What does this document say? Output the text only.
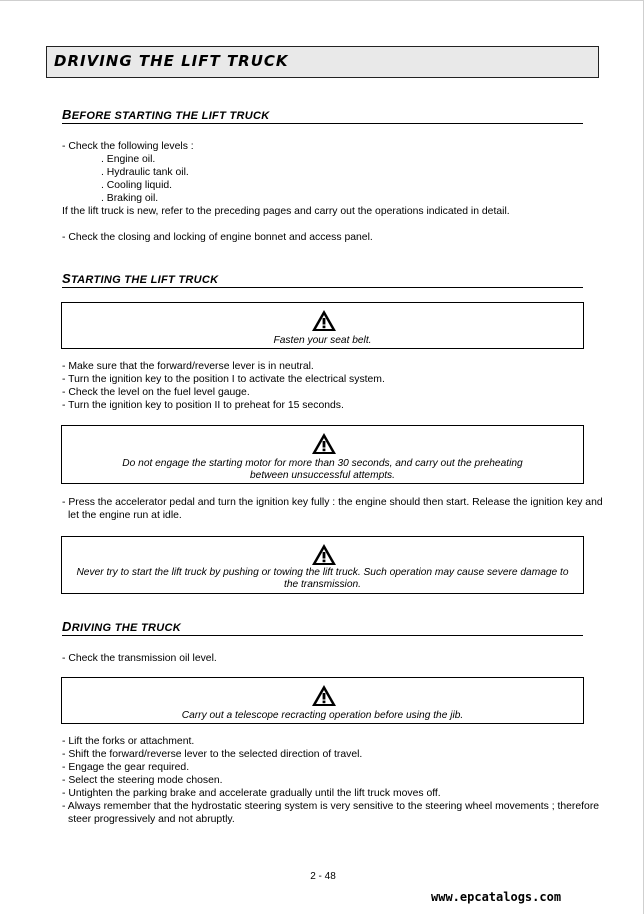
DRIVING THE LIFT TRUCK
BEFORE STARTING THE LIFT TRUCK
- Check the following levels :
. Engine oil.
. Hydraulic tank oil.
. Cooling liquid.
. Braking oil.
If the lift truck is new, refer to the preceding pages and carry out the operations indicated in detail.
- Check the closing and locking of engine bonnet and access panel.
STARTING THE LIFT TRUCK
Fasten your seat belt.
- Make sure that the forward/reverse lever is in neutral.
- Turn the ignition key to the position I to activate the electrical system.
- Check the level on the fuel level gauge.
- Turn the ignition key to position II to preheat for 15 seconds.
Do not engage the starting motor for more than 30 seconds, and carry out the preheating between unsuccessful attempts.
- Press the accelerator pedal and turn the ignition key fully : the engine should then start. Release the ignition key and
let the engine run at idle.
Never try to start the lift truck by pushing or towing the lift truck. Such operation may cause severe damage to the transmission.
DRIVING THE TRUCK
- Check the transmission oil level.
Carry out a telescope recracting operation before using the jib.
- Lift the forks or attachment.
- Shift the forward/reverse lever to the selected direction of travel.
- Engage the gear required.
- Select the steering mode chosen.
- Untighten the parking brake and accelerate gradually until the lift truck moves off.
- Always remember that the hydrostatic steering system is very sensitive to the steering wheel movements ; therefore
steer progressively and not abruptly.
2 - 48
www.epcatalogs.com
